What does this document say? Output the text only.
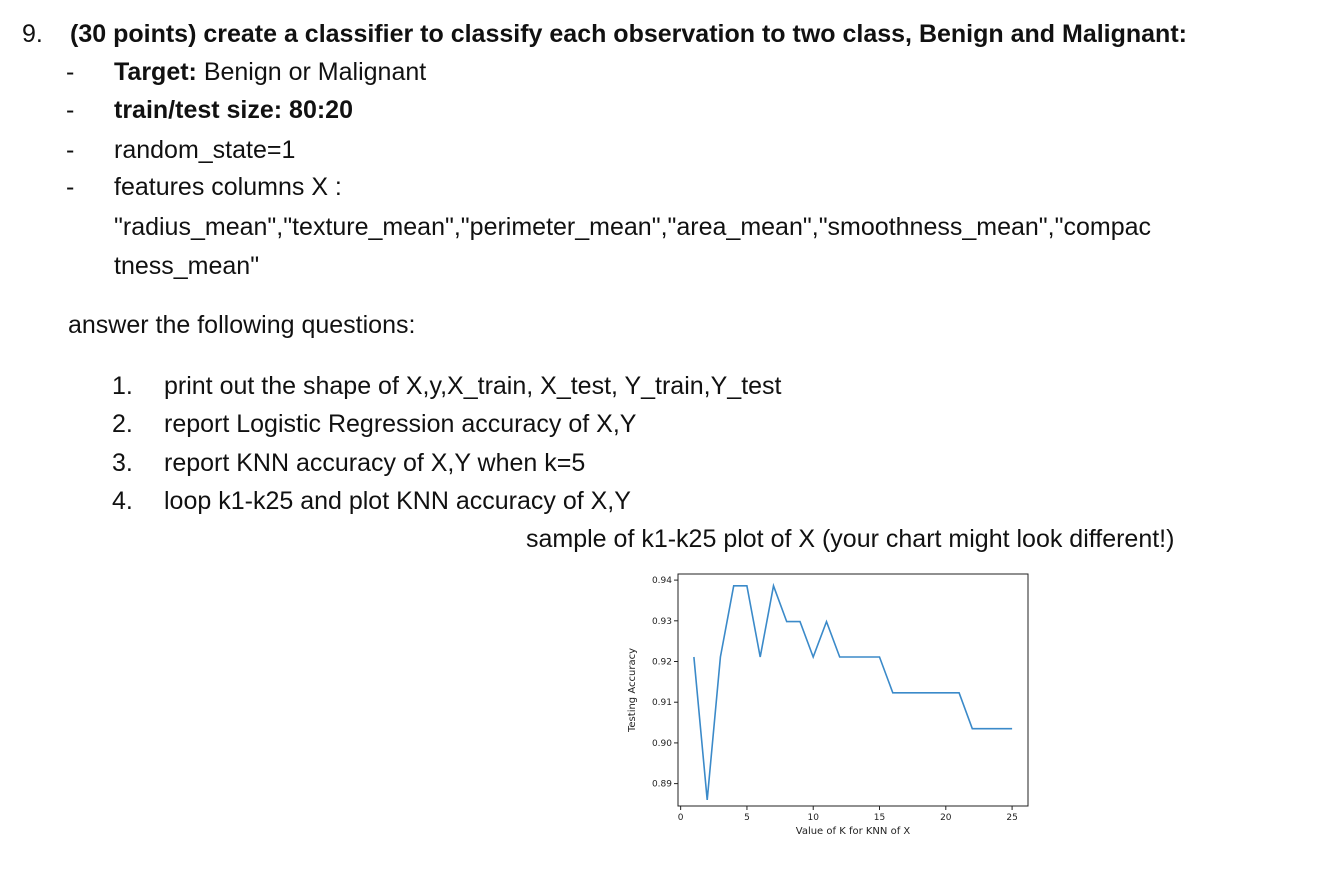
9. (30 points) create a classifier to classify each observation to two class, Benign and Malignant:
- Target: Benign or Malignant
- train/test size: 80:20
- random_state=1
- features columns X :
"radius_mean","texture_mean","perimeter_mean","area_mean","smoothness_mean","compac
tness_mean"
answer the following questions:
1. print out the shape of X,y,X_train, X_test, Y_train,Y_test
2. report Logistic Regression accuracy of X,Y
3. report KNN accuracy of X,Y when k=5
4. loop k1-k25 and plot KNN accuracy of X,Y
sample of k1-k25 plot of X (your chart might look different!)
0.89
0.90
0.91
0.92
0.93
0.94
0	5	10	15	20	25
Testing Accuracy
Value of K for KNN of X
